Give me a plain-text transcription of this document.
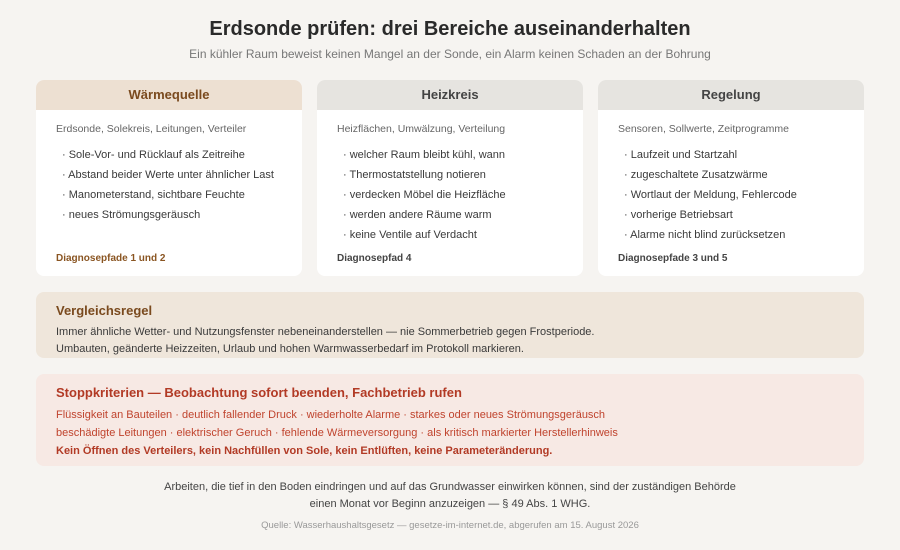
Erdsonde prüfen: drei Bereiche auseinanderhalten
Ein kühler Raum beweist keinen Mangel an der Sonde, ein Alarm keinen Schaden an der Bohrung
Wärmequelle
Erdsonde, Solekreis, Leitungen, Verteiler
· Sole-Vor- und Rücklauf als Zeitreihe
· Abstand beider Werte unter ähnlicher Last
· Manometerstand, sichtbare Feuchte
· neues Strömungsgeräusch
Diagnosepfade 1 und 2
Heizkreis
Heizflächen, Umwälzung, Verteilung
· welcher Raum bleibt kühl, wann
· Thermostatstellung notieren
· verdecken Möbel die Heizfläche
· werden andere Räume warm
· keine Ventile auf Verdacht
Diagnosepfad 4
Regelung
Sensoren, Sollwerte, Zeitprogramme
· Laufzeit und Startzahl
· zugeschaltete Zusatzwärme
· Wortlaut der Meldung, Fehlercode
· vorherige Betriebsart
· Alarme nicht blind zurücksetzen
Diagnosepfade 3 und 5
Vergleichsregel
Immer ähnliche Wetter- und Nutzungsfenster nebeneinanderstellen — nie Sommerbetrieb gegen Frostperiode.
Umbauten, geänderte Heizzeiten, Urlaub und hohen Warmwasserbedarf im Protokoll markieren.
Stoppkriterien — Beobachtung sofort beenden, Fachbetrieb rufen
Flüssigkeit an Bauteilen · deutlich fallender Druck · wiederholte Alarme · starkes oder neues Strömungsgeräusch
beschädigte Leitungen · elektrischer Geruch · fehlende Wärmeversorgung · als kritisch markierter Herstellerhinweis
Kein Öffnen des Verteilers, kein Nachfüllen von Sole, kein Entlüften, keine Parameteränderung.
Arbeiten, die tief in den Boden eindringen und auf das Grundwasser einwirken können, sind der zuständigen Behörde
einen Monat vor Beginn anzuzeigen — § 49 Abs. 1 WHG.
Quelle: Wasserhaushaltsgesetz — gesetze-im-internet.de, abgerufen am 15. August 2026
